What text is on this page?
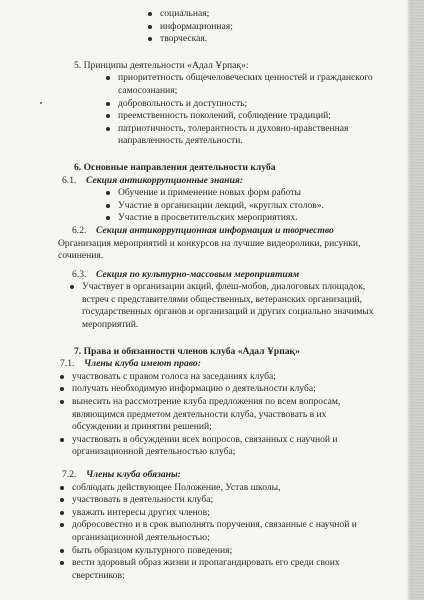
социальная;
информационная;
творческая.
5. Принципы деятельности «Адал Ұрпақ»:
приоритетность общечеловеческих ценностей и гражданского
самосознания;
добровольность и доступность;
преемственность поколений, соблюдение традиций;
патриотичность, толерантность и духовно-нравственная
направленность деятельности.
6. Основные направления деятельности клуба
6.1. Секция антикоррупционные знания:
Обучение и применение новых форм работы
Участие в организации лекций, «круглых столов».
Участие в просветительских мероприятиях.
6.2. Секция антикоррупционная информация и творчество
Организация мероприятий и конкурсов на лучшие видеоролики, рисунки,
сочинения.
6.3. Секция по культурно-массовым мероприятиям
Участвует в организации акций, флеш-мобов, диалоговых площадок,
встреч с представителями общественных, ветеранских организаций,
государственных органов и организаций и других социально значимых
мероприятий.
7. Права и обязанности членов клуба «Адал Ұрпақ»
7.1. Члены клуба имеют право:
участвовать с правом голоса на заседаниях клуба;
получать необходимую информацию о деятельности клуба;
вынесить на рассмотрение клуба предложения по всем вопросам,
являющимся предметом деятельности клуба, участвовать в их
обсуждении и принятии решений;
участвовать в обсуждении всех вопросов, связанных с научной и
организационной деятельностью клуба;
7.2. Члены клуба обязаны:
соблюдать действующее Положение, Устав школы,
участвовать в деятельности клуба;
уважать интересы других членов;
добросовестно и в срок выполнять поручения, связанные с научной и
организационной деятельностью;
быть образцом культурного поведения;
вести здоровый образ жизни и пропагандировать его среди своих
сверстников;
